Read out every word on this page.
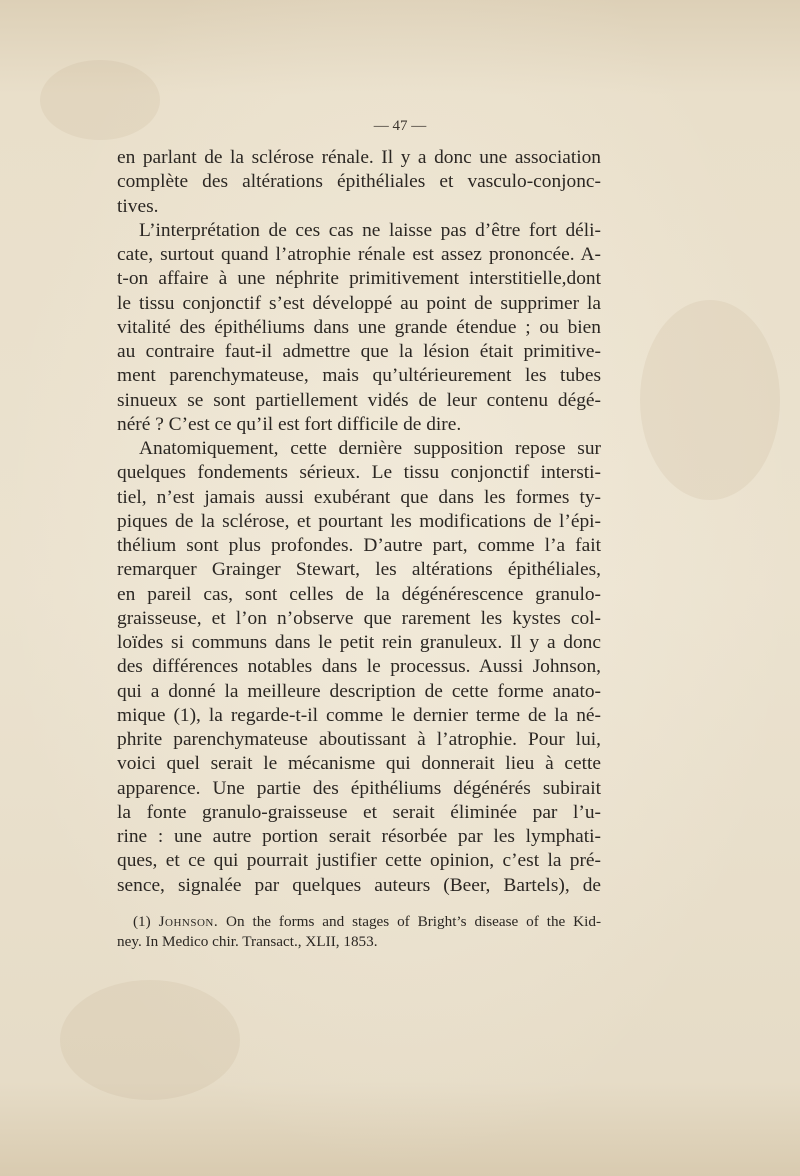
— 47 —
en parlant de la sclérose rénale. Il y a donc une association
complète des altérations épithéliales et vasculo-conjonc-
tives.
L’interprétation de ces cas ne laisse pas d’être fort déli-
cate, surtout quand l’atrophie rénale est assez prononcée. A-
t-on affaire à une néphrite primitivement interstitielle,dont
le tissu conjonctif s’est développé au point de supprimer la
vitalité des épithéliums dans une grande étendue ; ou bien
au contraire faut-il admettre que la lésion était primitive-
ment parenchymateuse, mais qu’ultérieurement les tubes
sinueux se sont partiellement vidés de leur contenu dégé-
néré ? C’est ce qu’il est fort difficile de dire.
Anatomiquement, cette dernière supposition repose sur
quelques fondements sérieux. Le tissu conjonctif intersti-
tiel, n’est jamais aussi exubérant que dans les formes ty-
piques de la sclérose, et pourtant les modifications de l’épi-
thélium sont plus profondes. D’autre part, comme l’a fait
remarquer Grainger Stewart, les altérations épithéliales,
en pareil cas, sont celles de la dégénérescence granulo-
graisseuse, et l’on n’observe que rarement les kystes col-
loïdes si communs dans le petit rein granuleux. Il y a donc
des différences notables dans le processus. Aussi Johnson,
qui a donné la meilleure description de cette forme anato-
mique (1), la regarde-t-il comme le dernier terme de la né-
phrite parenchymateuse aboutissant à l’atrophie. Pour lui,
voici quel serait le mécanisme qui donnerait lieu à cette
apparence. Une partie des épithéliums dégénérés subirait
la fonte granulo-graisseuse et serait éliminée par l’u-
rine : une autre portion serait résorbée par les lymphati-
ques, et ce qui pourrait justifier cette opinion, c’est la pré-
sence, signalée par quelques auteurs (Beer, Bartels), de
(1) Johnson. On the forms and stages of Bright’s disease of the Kid-
ney. In Medico chir. Transact., XLII, 1853.
